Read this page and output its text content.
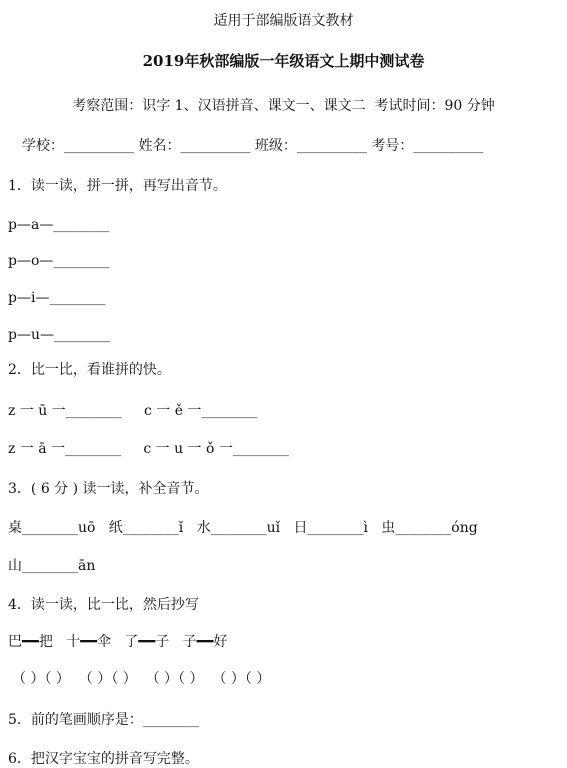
适用于部编版语文教材
2019年秋部编版一年级语文上期中测试卷
考察范围：识字 1、汉语拼音、课文一、课文二  考试时间：90 分钟
学校：__________ 姓名：__________ 班级：__________ 考号：__________
1．读一读，拼一拼，再写出音节。
p—a—________
p—o—________
p—i—________
p—u—________
2．比一比，看谁拼的快。
z 一 ū 一________     c 一 ě 一________
z 一 ā 一________     c 一 u 一 ǒ 一________
3．( 6 分 ) 读一读，补全音节。
桌________uō   纸________ǐ   水________uǐ   日________ì   虫________óng
山________ān
4．读一读，比一比，然后抄写
巴━━把   十━━伞   了━━子   子━━好
（ ）（ ）  （ ）（ ）  （ ）（ ）  （ ）（ ）
5．前的笔画顺序是：________
6．把汉字宝宝的拼音写完整。
